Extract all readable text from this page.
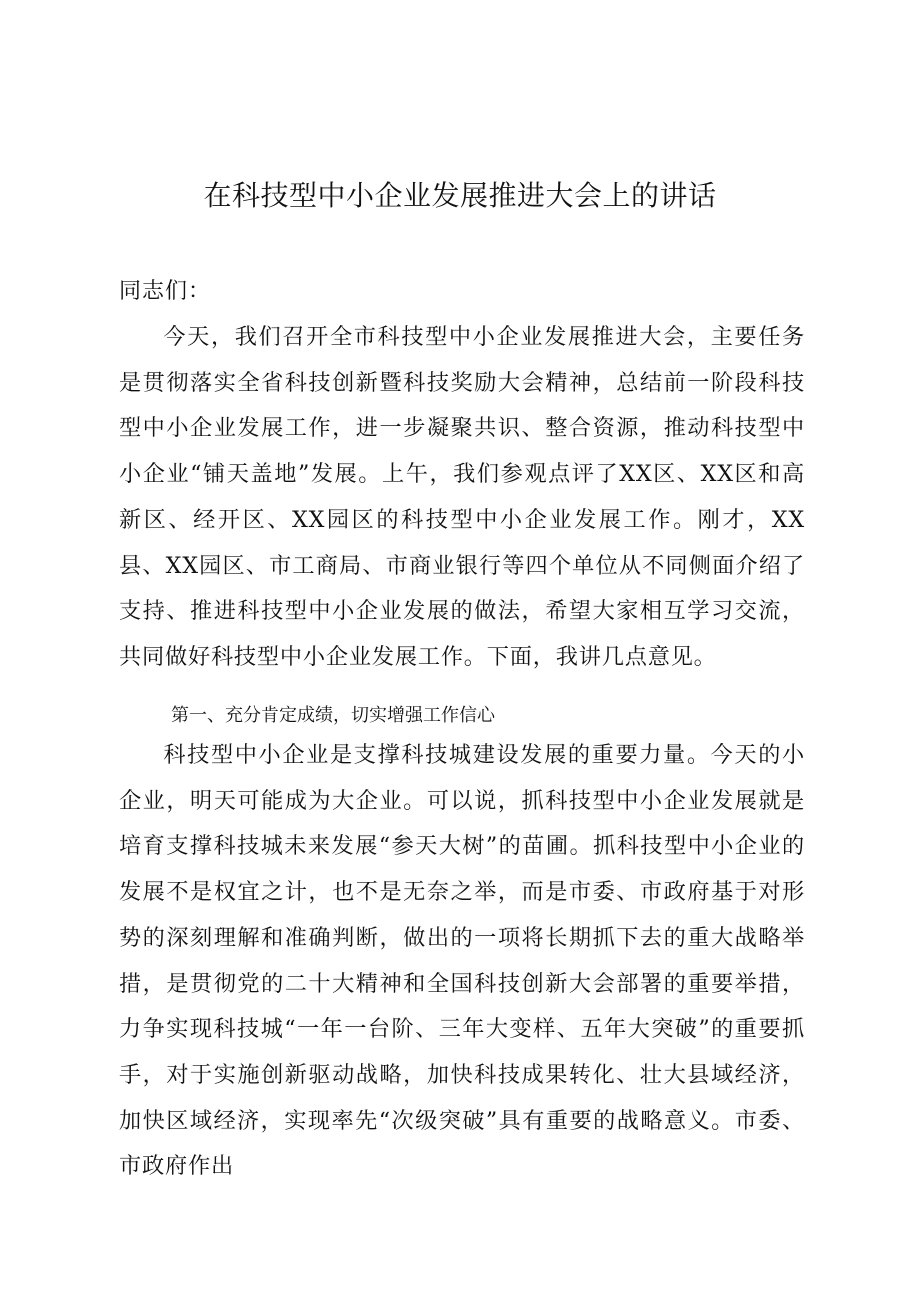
在科技型中小企业发展推进大会上的讲话

同志们：

今天，我们召开全市科技型中小企业发展推进大会，主要任务是贯彻落实全省科技创新暨科技奖励大会精神，总结前一阶段科技型中小企业发展工作，进一步凝聚共识、整合资源，推动科技型中小企业“铺天盖地”发展。上午，我们参观点评了XX区、XX区和高新区、经开区、XX园区的科技型中小企业发展工作。刚才，XX县、XX园区、市工商局、市商业银行等四个单位从不同侧面介绍了支持、推进科技型中小企业发展的做法，希望大家相互学习交流，共同做好科技型中小企业发展工作。下面，我讲几点意见。

第一、充分肯定成绩，切实增强工作信心

科技型中小企业是支撑科技城建设发展的重要力量。今天的小企业，明天可能成为大企业。可以说，抓科技型中小企业发展就是培育支撑科技城未来发展“参天大树”的苗圃。抓科技型中小企业的发展不是权宜之计，也不是无奈之举，而是市委、市政府基于对形势的深刻理解和准确判断，做出的一项将长期抓下去的重大战略举措，是贯彻党的二十大精神和全国科技创新大会部署的重要举措，力争实现科技城“一年一台阶、三年大变样、五年大突破”的重要抓手，对于实施创新驱动战略，加快科技成果转化、壮大县域经济，加快区域经济，实现率先“次级突破”具有重要的战略意义。市委、市政府作出
